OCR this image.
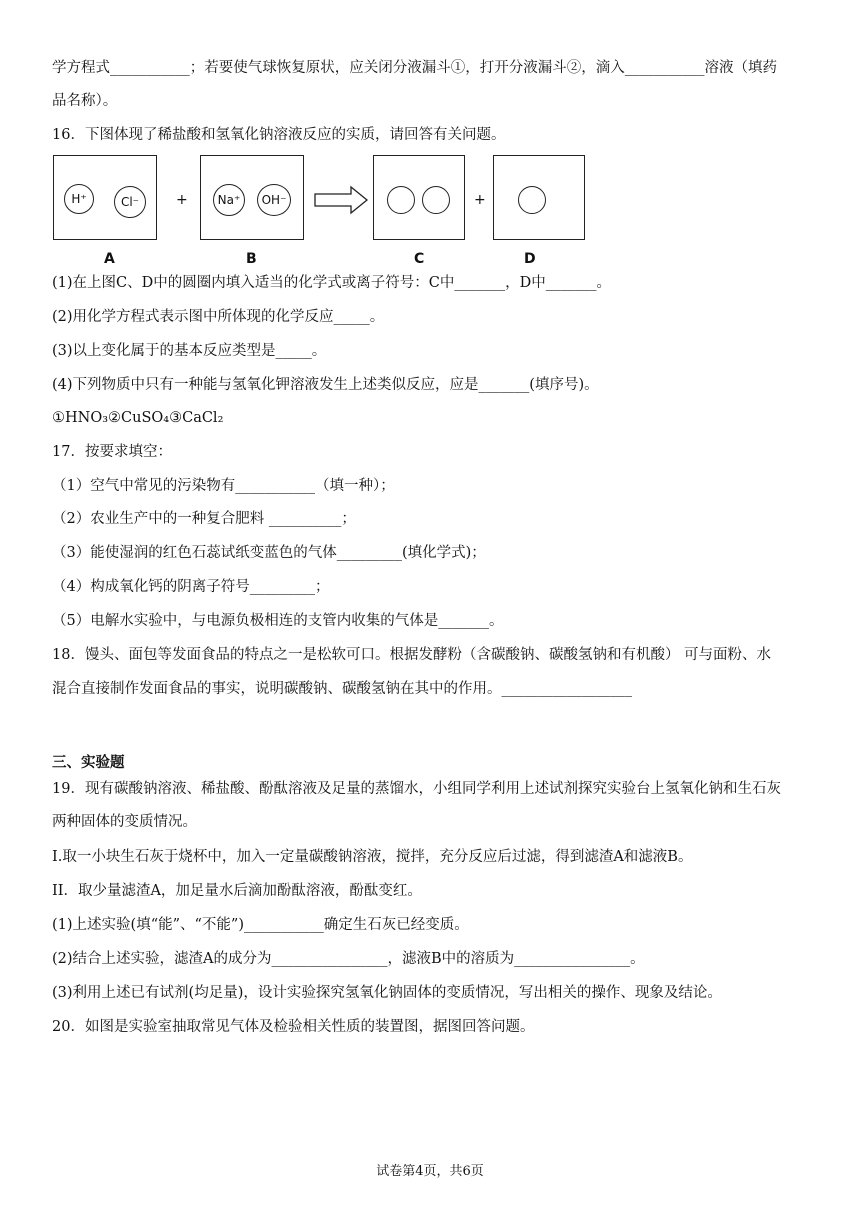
学方程式___________；若要使气球恢复原状，应关闭分液漏斗①，打开分液漏斗②，滴入___________溶液（填药
品名称）。
16．下图体现了稀盐酸和氢氧化钠溶液反应的实质，请回答有关问题。
H⁺	Cl⁻	+	Na⁺	OH⁻	+
A	B	C	D
(1)在上图C、D中的圆圈内填入适当的化学式或离子符号：C中_______，D中_______。
(2)用化学方程式表示图中所体现的化学反应_____。
(3)以上变化属于的基本反应类型是_____。
(4)下列物质中只有一种能与氢氧化钾溶液发生上述类似反应，应是_______(填序号)。
①HNO₃②CuSO₄③CaCl₂
17．按要求填空：
（1）空气中常见的污染物有___________（填一种）；
（2）农业生产中的一种复合肥料 __________；
（3）能使湿润的红色石蕊试纸变蓝色的气体_________(填化学式)；
（4）构成氧化钙的阴离子符号_________；
（5）电解水实验中，与电源负极相连的支管内收集的气体是_______。
18．馒头、面包等发面食品的特点之一是松软可口。根据发酵粉（含碳酸钠、碳酸氢钠和有机酸） 可与面粉、水
混合直接制作发面食品的事实，说明碳酸钠、碳酸氢钠在其中的作用。__________________
三、实验题
19．现有碳酸钠溶液、稀盐酸、酚酞溶液及足量的蒸馏水，小组同学利用上述试剂探究实验台上氢氧化钠和生石灰
两种固体的变质情况。
I.取一小块生石灰于烧杯中，加入一定量碳酸钠溶液，搅拌，充分反应后过滤，得到滤渣A和滤液B。
II．取少量滤渣A，加足量水后滴加酚酞溶液，酚酞变红。
(1)上述实验(填“能”、“不能”)___________确定生石灰已经变质。
(2)结合上述实验，滤渣A的成分为________________，滤液B中的溶质为________________。
(3)利用上述已有试剂(均足量)，设计实验探究氢氧化钠固体的变质情况，写出相关的操作、现象及结论。
20．如图是实验室抽取常见气体及检验相关性质的装置图，据图回答问题。
试卷第4页，共6页
